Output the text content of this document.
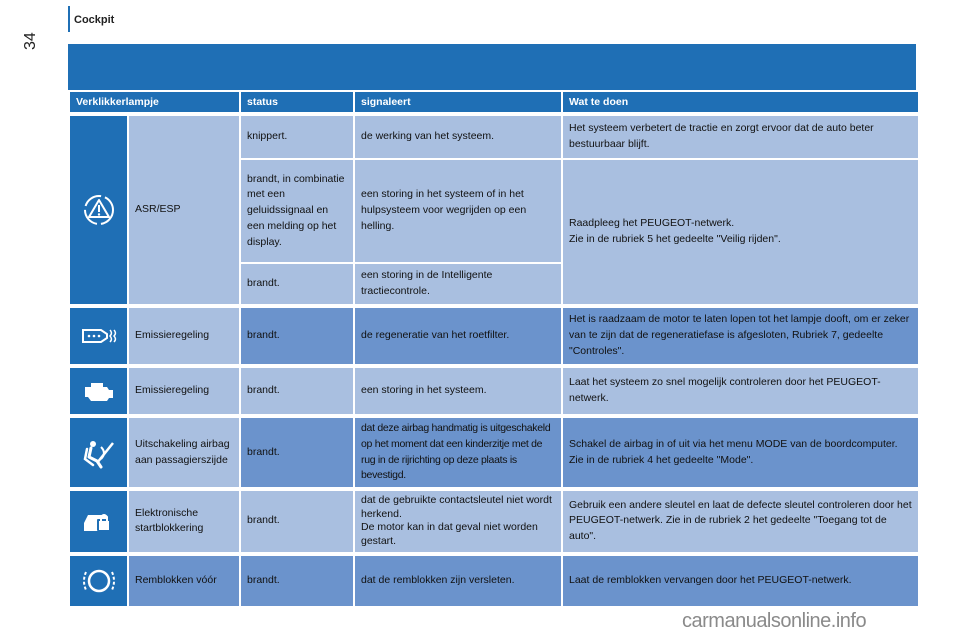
Cockpit
34
Verklikkerlampje		status	signaleert	Wat te doen

	ASR/ESP	knippert.	de werking van het systeem.	Het systeem verbetert de tractie en zorgt ervoor dat de auto beter bestuurbaar blijft.
		brandt, in combinatie met een geluidssignaal en een melding op het display.	een storing in het systeem of in het hulpsysteem voor wegrijden op een helling.	Raadpleeg het PEUGEOT-netwerk.
Zie in de rubriek 5 het gedeelte "Veilig rijden".

		brandt.	een storing in de Intelligente tractiecontrole.	

	Emissieregeling	brandt.	de regeneratie van het roetfilter.	Het is raadzaam de motor te laten lopen tot het lampje dooft, om er zeker van te zijn dat de regeneratiefase is afgesloten, Rubriek 7, gedeelte "Controles".

	Emissieregeling	brandt.	een storing in het systeem.	Laat het systeem zo snel mogelijk controleren door het PEUGEOT-netwerk.

	Uitschakeling airbag aan passagierszijde	brandt.	dat deze airbag handmatig is uitgeschakeld op het moment dat een kinderzitje met de rug in de rijrichting op deze plaats is bevestigd.	Schakel de airbag in of uit via het menu MODE van de boordcomputer. Zie in de rubriek 4 het gedeelte "Mode".

	Elektronische startblokkering	brandt.	dat de gebruikte contactsleutel niet wordt herkend.
De motor kan in dat geval niet worden gestart.	Gebruik een andere sleutel en laat de defecte sleutel controleren door het PEUGEOT-netwerk. Zie in de rubriek 2 het gedeelte "Toegang tot de auto".

	Remblokken vóór	brandt.	dat de remblokken zijn versleten.	Laat de remblokken vervangen door het PEUGEOT-netwerk.
carmanualsonline.info
